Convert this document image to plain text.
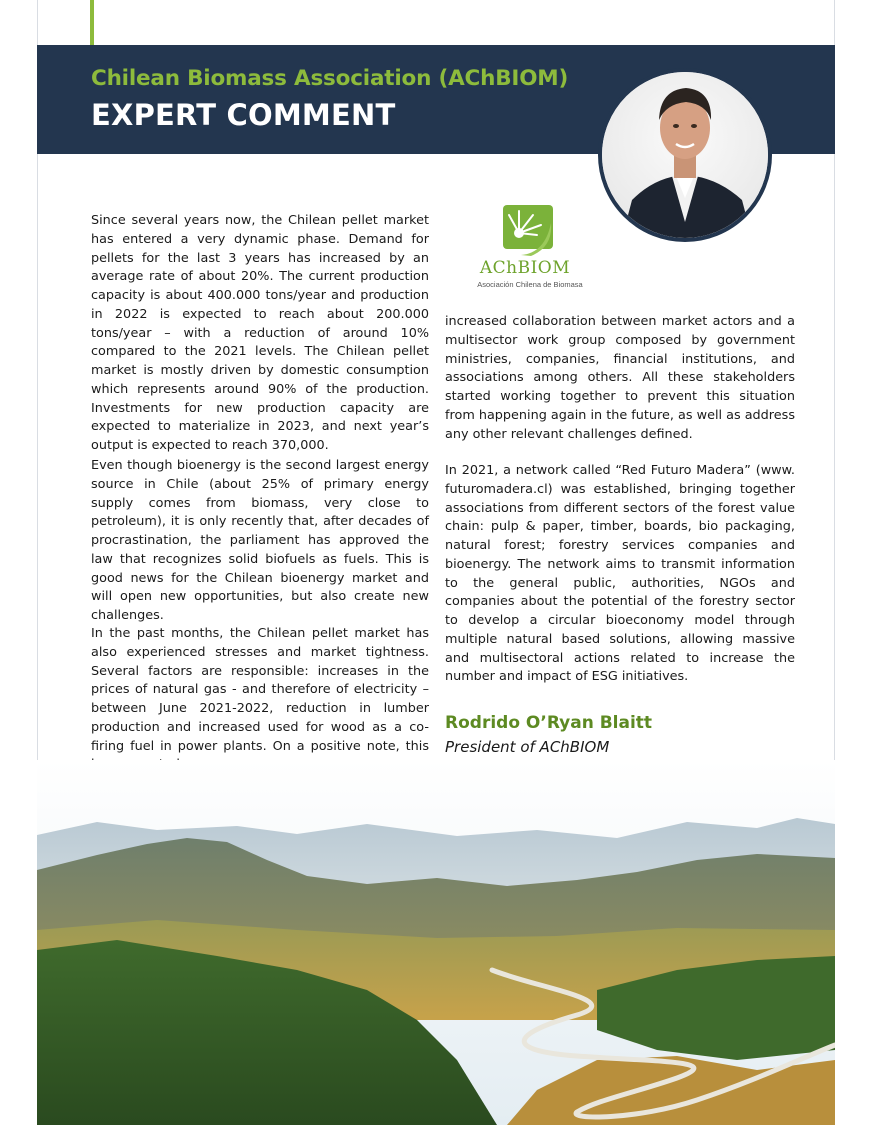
Chilean Biomass Association (AChBIOM)
EXPERT COMMENT
AChBIOM
Asociación Chilena de Biomasa

Since several years now, the Chilean pellet market has entered a very dynamic phase. Demand for pellets for the last 3 years has increased by an average rate of about 20%. The current production capacity is about 400.000 tons/year and production in 2022 is expected to reach about 200.000 tons/year – with a reduction of around 10% compared to the 2021 levels. The Chilean pellet market is mostly driven by domestic consumption which represents around 90% of the production. Investments for new production capacity are expected to materialize in 2023, and next year’s output is expected to reach 370,000.

Even though bioenergy is the second largest energy source in Chile (about 25% of primary energy supply comes from biomass, very close to petroleum), it is only recently that, after decades of procrastination, the parliament has approved the law that recognizes solid biofuels as fuels. This is good news for the Chilean bioenergy market and will open new opportunities, but also create new challenges.

In the past months, the Chilean pellet market has also experienced stresses and market tightness. Several factors are responsible: increases in the prices of natural gas - and therefore of electricity – between June 2021-2022, reduction in lumber production and increased used for wood as a co-firing fuel in power plants. On a positive note, this

increased collaboration between market actors and a multisector work group composed by government ministries, companies, financial institutions, and associations among others. All these stakeholders started working together to prevent this situation from happening again in the future, as well as address any other relevant challenges defined.

In 2021, a network called “Red Futuro Madera” (www. futuromadera.cl) was established, bringing together associations from different sectors of the forest value chain: pulp & paper, timber, boards, bio packaging, natural forest; forestry services companies and bioenergy. The network aims to transmit information to the general public, authorities, NGOs and companies about the potential of the forestry sector to develop a circular bioeconomy model through multiple natural based solutions, allowing massive and multisectoral actions related to increase the number and impact of ESG initiatives.

Rodrido O’Ryan Blaitt
President of AChBIOM
